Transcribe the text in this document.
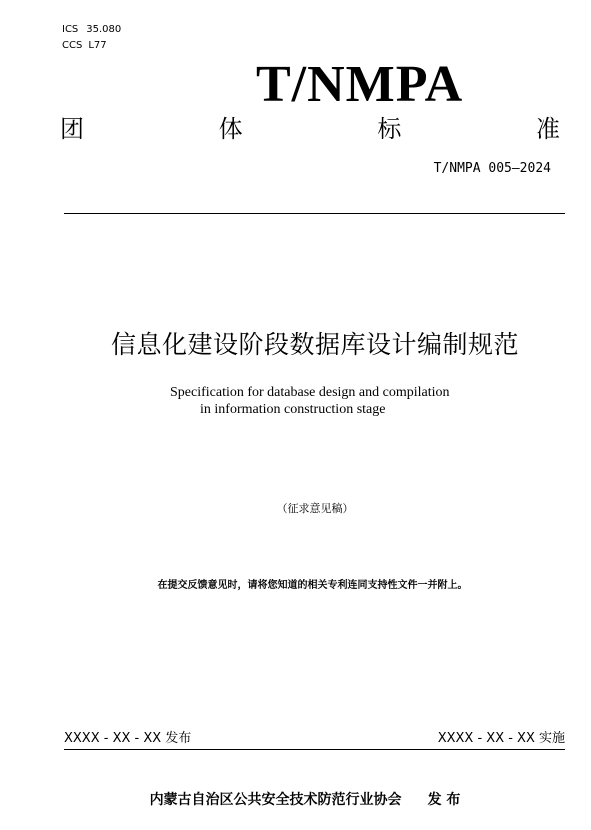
ICS 35.080
CCS L77
T/NMPA
团	体	标	准
T/NMPA 005—2024
信息化建设阶段数据库设计编制规范
Specification for database design and compilation
in information construction stage
（征求意见稿）
在提交反馈意见时，请将您知道的相关专利连同支持性文件一并附上。
XXXX - XX - XX 发布	XXXX - XX - XX 实施
内蒙古自治区公共安全技术防范行业协会 发 布
